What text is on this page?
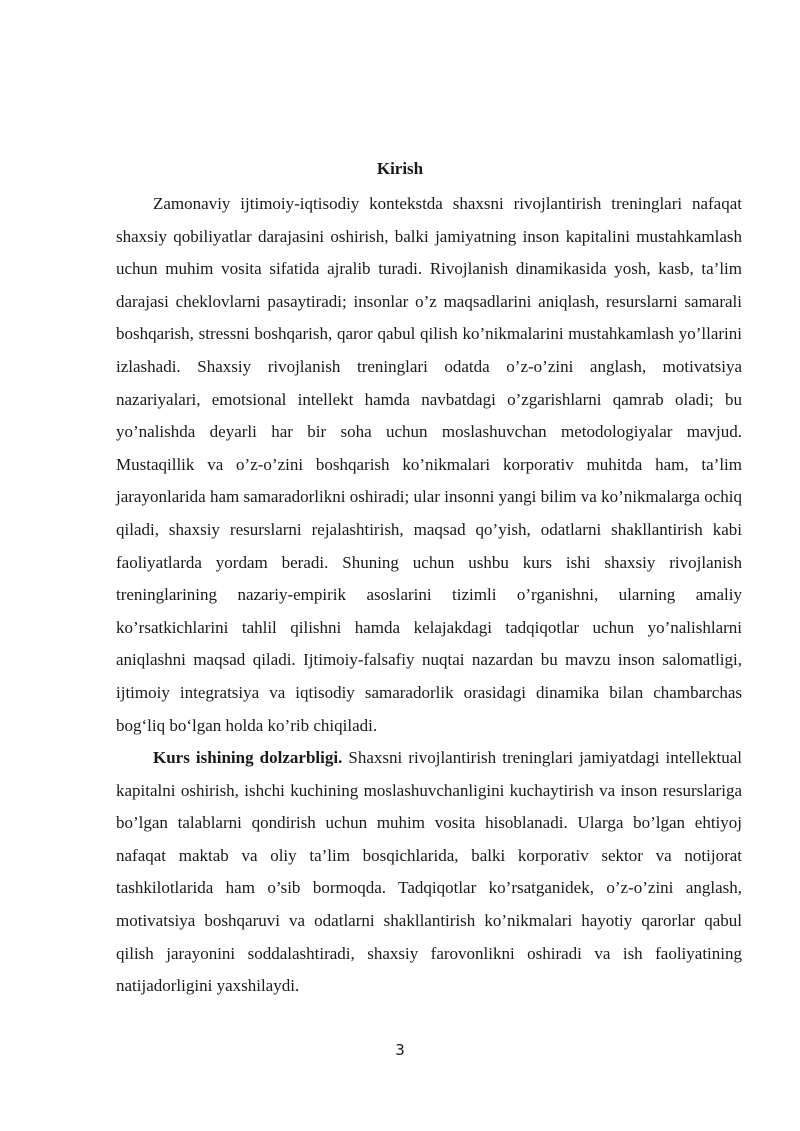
Kirish

Zamonaviy ijtimoiy-iqtisodiy kontekstda shaxsni rivojlantirish treninglari nafaqat shaxsiy qobiliyatlar darajasini oshirish, balki jamiyatning inson kapitalini mustahkamlash uchun muhim vosita sifatida ajralib turadi. Rivojlanish dinamikasida yosh, kasb, ta’lim darajasi cheklovlarni pasaytiradi; insonlar o’z maqsadlarini aniqlash, resurslarni samarali boshqarish, stressni boshqarish, qaror qabul qilish ko’nikmalarini mustahkamlash yo’llarini izlashadi. Shaxsiy rivojlanish treninglari odatda o’z-o’zini anglash, motivatsiya nazariyalari, emotsional intellekt hamda navbatdagi o’zgarishlarni qamrab oladi; bu yo’nalishda deyarli har bir soha uchun moslashuvchan metodologiyalar mavjud. Mustaqillik va o’z-o’zini boshqarish ko’nikmalari korporativ muhitda ham, ta’lim jarayonlarida ham samaradorlikni oshiradi; ular insonni yangi bilim va ko’nikmalarga ochiq qiladi, shaxsiy resurslarni rejalashtirish, maqsad qo’yish, odatlarni shakllantirish kabi faoliyatlarda yordam beradi. Shuning uchun ushbu kurs ishi shaxsiy rivojlanish treninglarining nazariy-empirik asoslarini tizimli o’rganishni, ularning amaliy ko’rsatkichlarini tahlil qilishni hamda kelajakdagi tadqiqotlar uchun yo’nalishlarni aniqlashni maqsad qiladi. Ijtimoiy-falsafiy nuqtai nazardan bu mavzu inson salomatligi, ijtimoiy integratsiya va iqtisodiy samaradorlik orasidagi dinamika bilan chambarchas bog‘liq bo‘lgan holda ko’rib chiqiladi.

Kurs ishining dolzarbligi. Shaxsni rivojlantirish treninglari jamiyatdagi intellektual kapitalni oshirish, ishchi kuchining moslashuvchanligini kuchaytirish va inson resurslariga bo’lgan talablarni qondirish uchun muhim vosita hisoblanadi. Ularga bo’lgan ehtiyoj nafaqat maktab va oliy ta’lim bosqichlarida, balki korporativ sektor va notijorat tashkilotlarida ham o’sib bormoqda. Tadqiqotlar ko’rsatganidek, o’z-o’zini anglash, motivatsiya boshqaruvi va odatlarni shakllantirish ko’nikmalari hayotiy qarorlar qabul qilish jarayonini soddalashtiradi, shaxsiy farovonlikni oshiradi va ish faoliyatining natijadorligini yaxshilaydi.

3
